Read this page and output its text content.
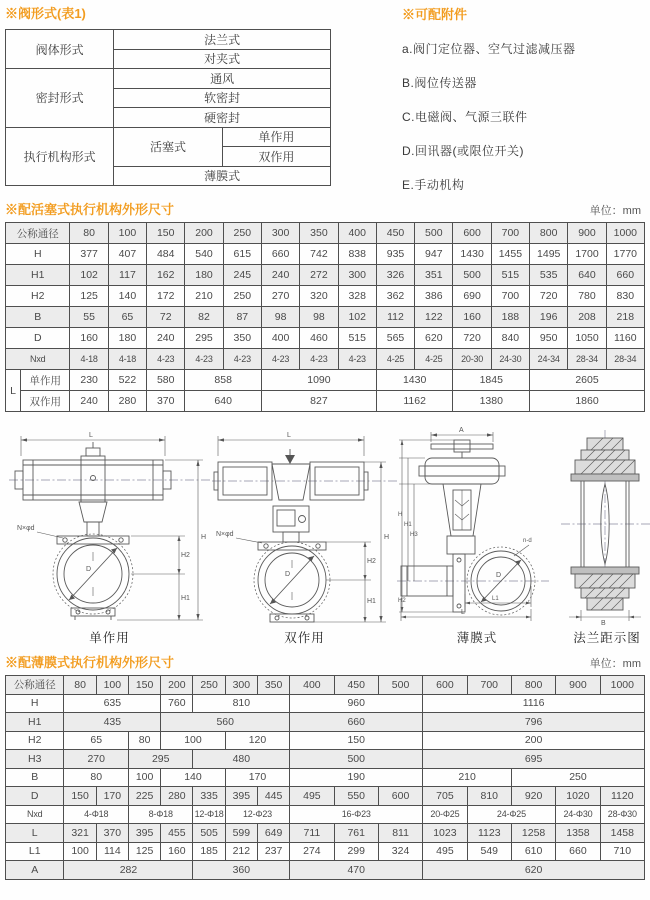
※阀形式(表1)
阀体形式	法兰式	
	对夹式	
密封形式	通风	
	软密封	
	硬密封	
执行机构形式	活塞式	单作用
		双作用
	薄膜式	
※可配附件
a.阀门定位器、空气过滤减压器
B.阀位传送器
C.电磁阀、气源三联件
D.回讯器(或限位开关)
E.手动机构
※配活塞式执行机构外形尺寸	单位：mm
公称通径		80	100	150	200	250	300	350	400	450	500	600	700	800	900	1000
H		377	407	484	540	615	660	742	838	935	947	1430	1455	1495	1700	1770
H1		102	117	162	180	245	240	272	300	326	351	500	515	535	640	660
H2		125	140	172	210	250	270	320	328	362	386	690	700	720	780	830
B		55	65	72	82	87	98	98	102	112	122	160	188	196	208	218
D		160	180	240	295	350	400	460	515	565	620	720	840	950	1050	1160
Nxd		4-18	4-18	4-23	4-23	4-23	4-23	4-23	4-23	4-25	4-25	20-30	24-30	24-34	28-34	28-34
L	单作用	230	522	580	858		1090			1430		1845		2605		
	双作用	240	280	370	640		827			1162		1380		1860		
L
D
N×φd
H
H2
H1
单作用
L
D
N×φd	H
H2
H1
双作用
A
D
n-d
H
H1
H3
H2	L1
L
薄膜式
B
法兰距示图
※配薄膜式执行机构外形尺寸	单位：mm
公称通径	80	100	150	200	250	300	350	400	450	500	600	700	800	900	1000
H	635			760	810			960			1116				
H1	435			560				660			796				
H2	65		80	100		120		150			200				
H3	270		295		480			500			695				
B	80		100	140		170		190			210		250		
D	150	170	225	280	335	395	445	495	550	600	705	810	920	1020	1120
Nxd	4-Φ18		8-Φ18		12-Φ18	12-Φ23		16-Φ23			20-Φ25	24-Φ25		24-Φ30	28-Φ30
L	321	370	395	455	505	599	649	711	761	811	1023	1123	1258	1358	1458
L1	100	114	125	160	185	212	237	274	299	324	495	549	610	660	710
A	282				360			470			620				
